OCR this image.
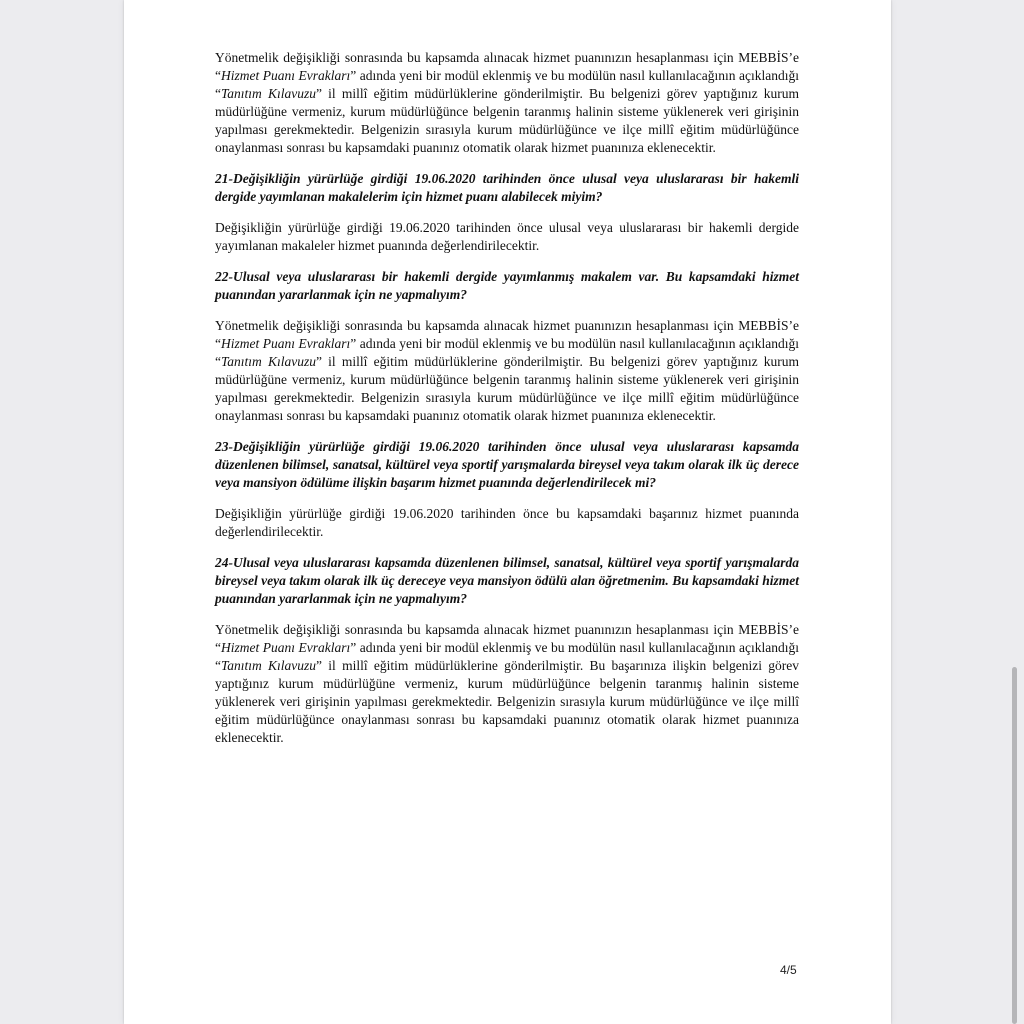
Yönetmelik değişikliği sonrasında bu kapsamda alınacak hizmet puanınızın hesaplanması için MEBBİS’e “Hizmet Puanı Evrakları” adında yeni bir modül eklenmiş ve bu modülün nasıl kullanılacağının açıklandığı “Tanıtım Kılavuzu” il millî eğitim müdürlüklerine gönderilmiştir. Bu belgenizi görev yaptığınız kurum müdürlüğüne vermeniz, kurum müdürlüğünce belgenin taranmış halinin sisteme yüklenerek veri girişinin yapılması gerekmektedir. Belgenizin sırasıyla kurum müdürlüğünce ve ilçe millî eğitim müdürlüğünce onaylanması sonrası bu kapsamdaki puanınız otomatik olarak hizmet puanınıza eklenecektir.

21-Değişikliğin yürürlüğe girdiği 19.06.2020 tarihinden önce ulusal veya uluslararası bir hakemli dergide yayımlanan makalelerim için hizmet puanı alabilecek miyim?

Değişikliğin yürürlüğe girdiği 19.06.2020 tarihinden önce ulusal veya uluslararası bir hakemli dergide yayımlanan makaleler hizmet puanında değerlendirilecektir.

22-Ulusal veya uluslararası bir hakemli dergide yayımlanmış makalem var. Bu kapsamdaki hizmet puanından yararlanmak için ne yapmalıyım?

Yönetmelik değişikliği sonrasında bu kapsamda alınacak hizmet puanınızın hesaplanması için MEBBİS’e “Hizmet Puanı Evrakları” adında yeni bir modül eklenmiş ve bu modülün nasıl kullanılacağının açıklandığı “Tanıtım Kılavuzu” il millî eğitim müdürlüklerine gönderilmiştir. Bu belgenizi görev yaptığınız kurum müdürlüğüne vermeniz, kurum müdürlüğünce belgenin taranmış halinin sisteme yüklenerek veri girişinin yapılması gerekmektedir. Belgenizin sırasıyla kurum müdürlüğünce ve ilçe millî eğitim müdürlüğünce onaylanması sonrası bu kapsamdaki puanınız otomatik olarak hizmet puanınıza eklenecektir.

23-Değişikliğin yürürlüğe girdiği 19.06.2020 tarihinden önce ulusal veya uluslararası kapsamda düzenlenen bilimsel, sanatsal, kültürel veya sportif yarışmalarda bireysel veya takım olarak ilk üç derece veya mansiyon ödülüme ilişkin başarım hizmet puanında değerlendirilecek mi?

Değişikliğin yürürlüğe girdiği 19.06.2020 tarihinden önce bu kapsamdaki başarınız hizmet puanında değerlendirilecektir.

24-Ulusal veya uluslararası kapsamda düzenlenen bilimsel, sanatsal, kültürel veya sportif yarışmalarda bireysel veya takım olarak ilk üç dereceye veya mansiyon ödülü alan öğretmenim. Bu kapsamdaki hizmet puanından yararlanmak için ne yapmalıyım?

Yönetmelik değişikliği sonrasında bu kapsamda alınacak hizmet puanınızın hesaplanması için MEBBİS’e “Hizmet Puanı Evrakları” adında yeni bir modül eklenmiş ve bu modülün nasıl kullanılacağının açıklandığı “Tanıtım Kılavuzu” il millî eğitim müdürlüklerine gönderilmiştir. Bu başarınıza ilişkin belgenizi görev yaptığınız kurum müdürlüğüne vermeniz, kurum müdürlüğünce belgenin taranmış halinin sisteme yüklenerek veri girişinin yapılması gerekmektedir. Belgenizin sırasıyla kurum müdürlüğünce ve ilçe millî eğitim müdürlüğünce onaylanması sonrası bu kapsamdaki puanınız otomatik olarak hizmet puanınıza eklenecektir.

4/5
